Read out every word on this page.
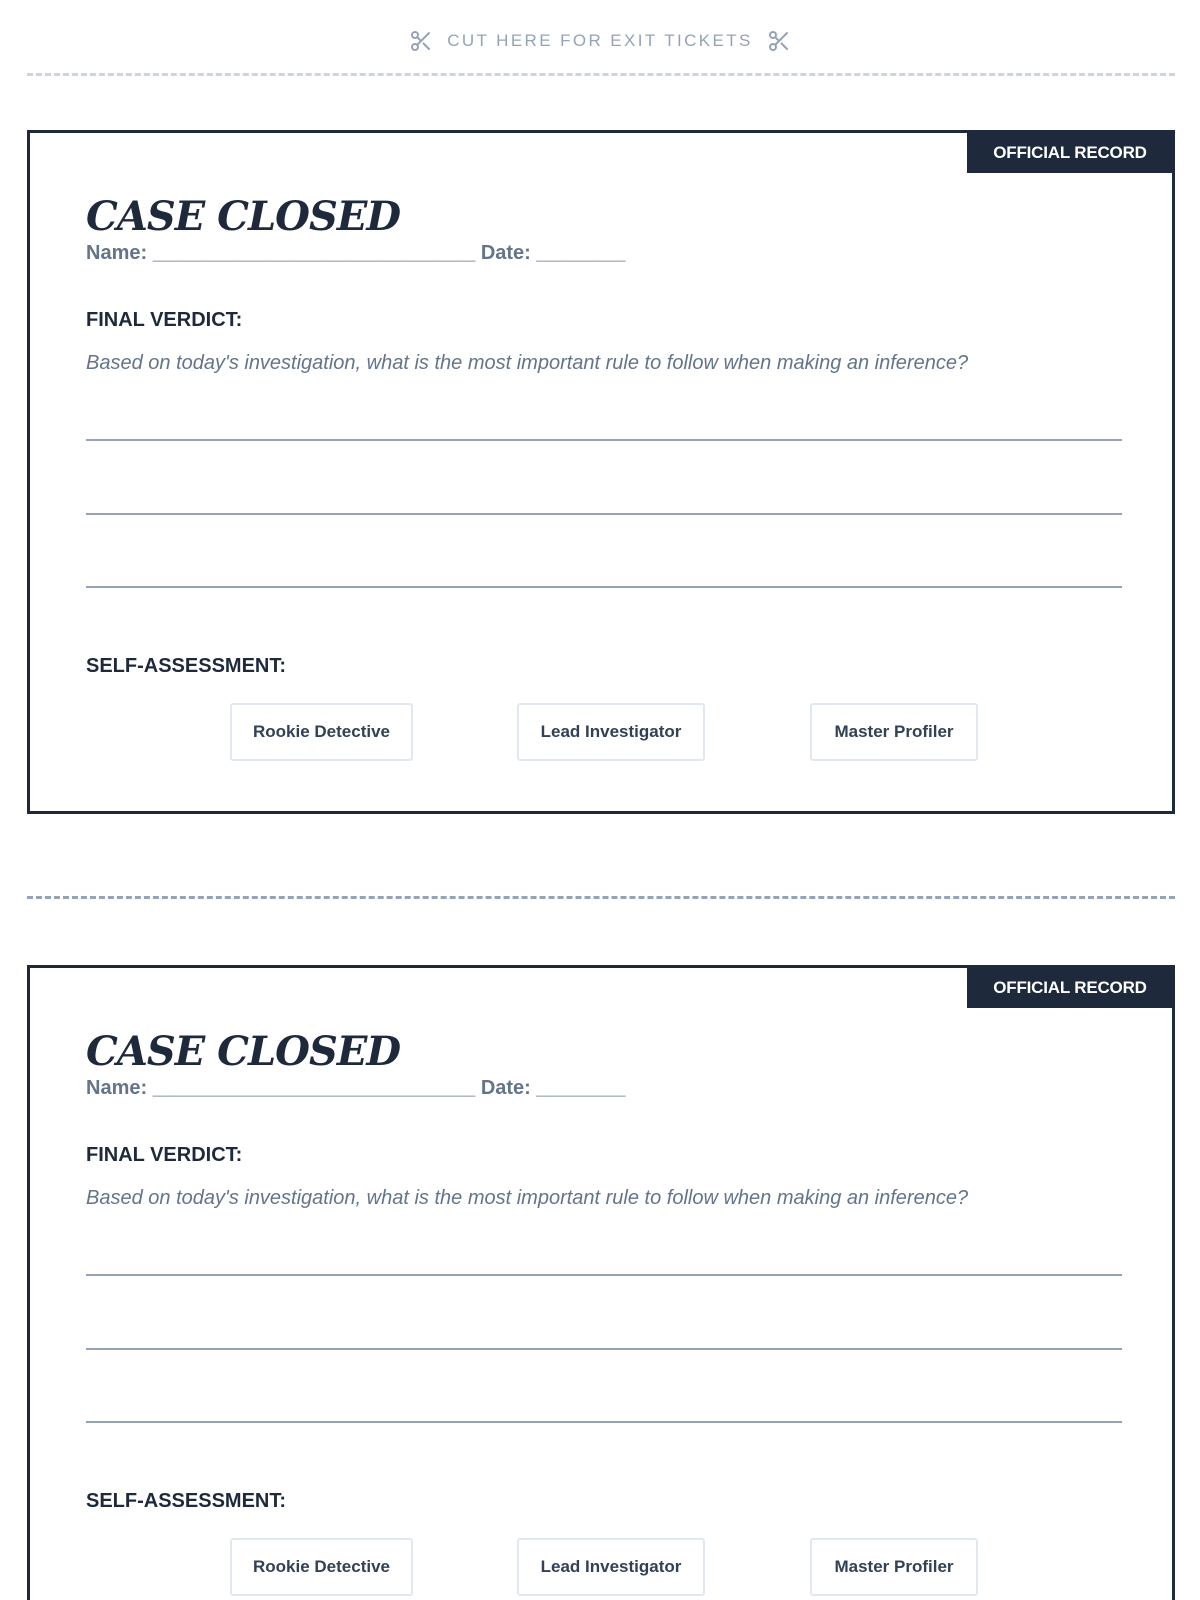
CUT HERE FOR EXIT TICKETS
OFFICIAL RECORD
CASE CLOSED
Name: _____________________________ Date: ________
FINAL VERDICT:

Based on today's investigation, what is the most important rule to follow when making an inference?

SELF-ASSESSMENT:
Rookie Detective	Lead Investigator	Master Profiler
OFFICIAL RECORD
CASE CLOSED
Name: _____________________________ Date: ________
FINAL VERDICT:

Based on today's investigation, what is the most important rule to follow when making an inference?

SELF-ASSESSMENT:
Rookie Detective	Lead Investigator	Master Profiler
